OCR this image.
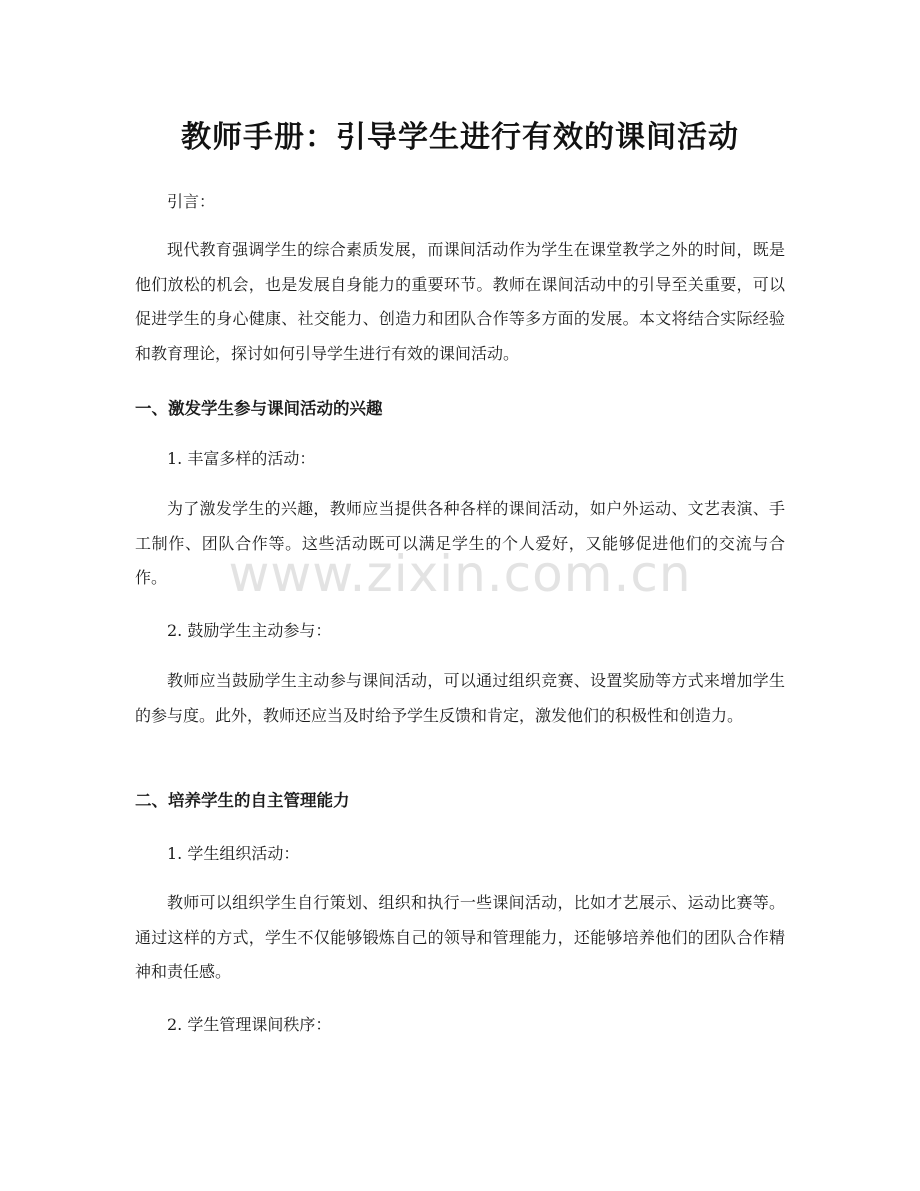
教师手册：引导学生进行有效的课间活动

引言：

现代教育强调学生的综合素质发展，而课间活动作为学生在课堂教学之外的时间，既是他们放松的机会，也是发展自身能力的重要环节。教师在课间活动中的引导至关重要，可以促进学生的身心健康、社交能力、创造力和团队合作等多方面的发展。本文将结合实际经验和教育理论，探讨如何引导学生进行有效的课间活动。

一、激发学生参与课间活动的兴趣

1. 丰富多样的活动：

为了激发学生的兴趣，教师应当提供各种各样的课间活动，如户外运动、文艺表演、手工制作、团队合作等。这些活动既可以满足学生的个人爱好，又能够促进他们的交流与合作。

2. 鼓励学生主动参与：

教师应当鼓励学生主动参与课间活动，可以通过组织竞赛、设置奖励等方式来增加学生的参与度。此外，教师还应当及时给予学生反馈和肯定，激发他们的积极性和创造力。

二、培养学生的自主管理能力

1. 学生组织活动：

教师可以组织学生自行策划、组织和执行一些课间活动，比如才艺展示、运动比赛等。通过这样的方式，学生不仅能够锻炼自己的领导和管理能力，还能够培养他们的团队合作精神和责任感。

2. 学生管理课间秩序：

www.zixin.com.cn
